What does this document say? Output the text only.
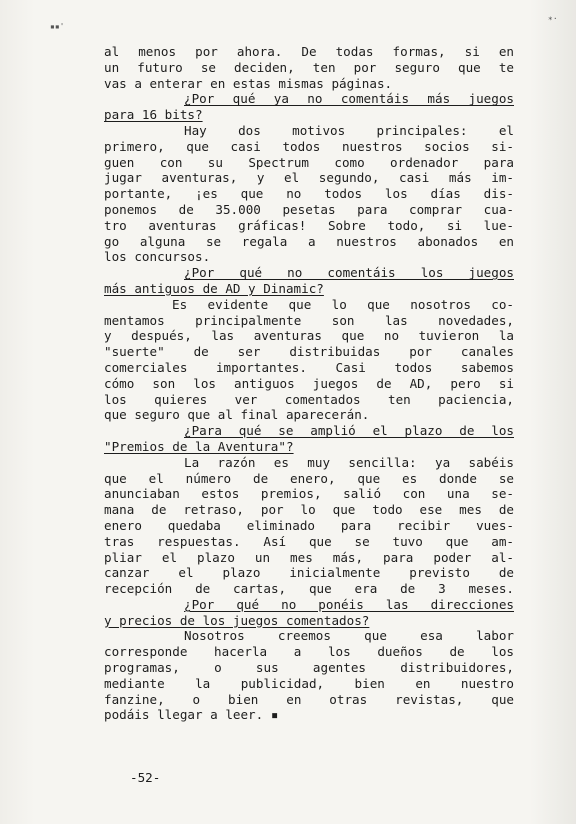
▪▪'
∗·
al menos por ahora. De todas formas, si en
un futuro se deciden, ten por seguro que te
vas a enterar en estas mismas páginas.
¿Por qué ya no comentáis más juegos
para 16 bits?
Hay dos motivos principales: el
primero, que casi todos nuestros socios si-
guen con su Spectrum como ordenador para
jugar aventuras, y el segundo, casi más im-
portante, ¡es que no todos los días dis-
ponemos de 35.000 pesetas para comprar cua-
tro aventuras gráficas! Sobre todo, si lue-
go alguna se regala a nuestros abonados en
los concursos.
¿Por qué no comentáis los juegos
más antiguos de AD y Dinamic?
Es evidente que lo que nosotros co-
mentamos principalmente son las novedades,
y después, las aventuras que no tuvieron la
"suerte" de ser distribuidas por canales
comerciales importantes. Casi todos sabemos
cómo son los antiguos juegos de AD, pero si
los quieres ver comentados ten paciencia,
que seguro que al final aparecerán.
¿Para qué se amplió el plazo de los
"Premios de la Aventura"?
La razón es muy sencilla: ya sabéis
que el número de enero, que es donde se
anunciaban estos premios, salió con una se-
mana de retraso, por lo que todo ese mes de
enero quedaba eliminado para recibir vues-
tras respuestas. Así que se tuvo que am-
pliar el plazo un mes más, para poder al-
canzar el plazo inicialmente previsto de
recepción de cartas, que era de 3 meses.
¿Por qué no ponéis las direcciones
y precios de los juegos comentados?
Nosotros creemos que esa labor
corresponde hacerla a los dueños de los
programas, o sus agentes distribuidores,
mediante la publicidad, bien en nuestro
fanzine, o bien en otras revistas, que
podáis llegar a leer. ▪
-52-
